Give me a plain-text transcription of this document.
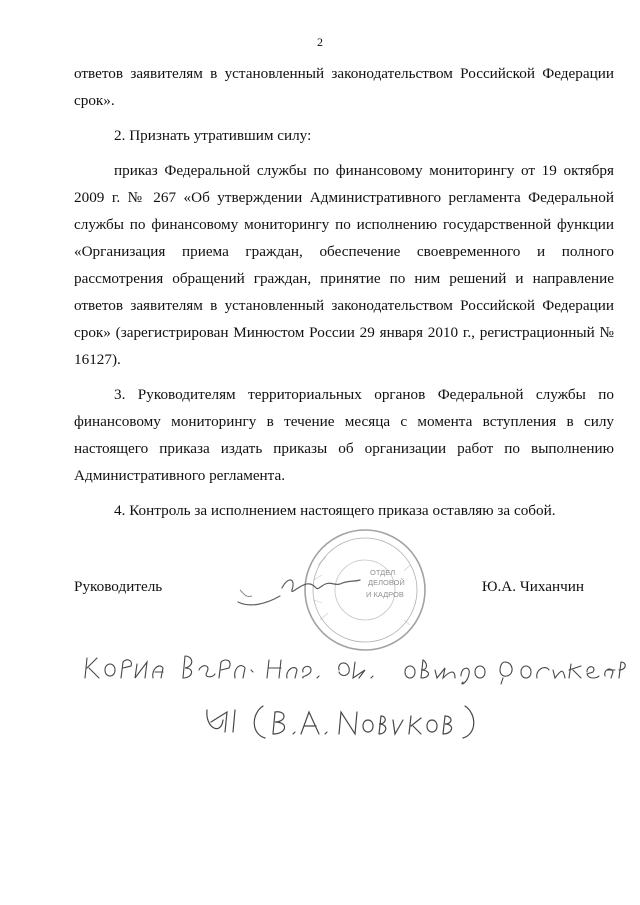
2

ответов заявителям в установленный законодательством Российской Федерации срок».

2. Признать утратившим силу:

приказ Федеральной службы по финансовому мониторингу от 19 октября 2009 г. № 267 «Об утверждении Административного регламента Федеральной службы по финансовому мониторингу по исполнению государственной функции «Организация приема граждан, обеспечение своевременного и полного рассмотрения обращений граждан, принятие по ним решений и направление ответов заявителям в установленный законодательством Российской Федерации срок» (зарегистрирован Минюстом России 29 января 2010 г., регистрационный № 16127).

3. Руководителям территориальных органов Федеральной службы по финансовому мониторингу в течение месяца с момента вступления в силу настоящего приказа издать приказы об организации работ по выполнению Административного регламента.

4. Контроль за исполнением настоящего приказа оставляю за собой.

ОТДЕЛ
ДЕЛОВОЙ
И КАДРОВ
Руководитель	Ю.А. Чиханчин
